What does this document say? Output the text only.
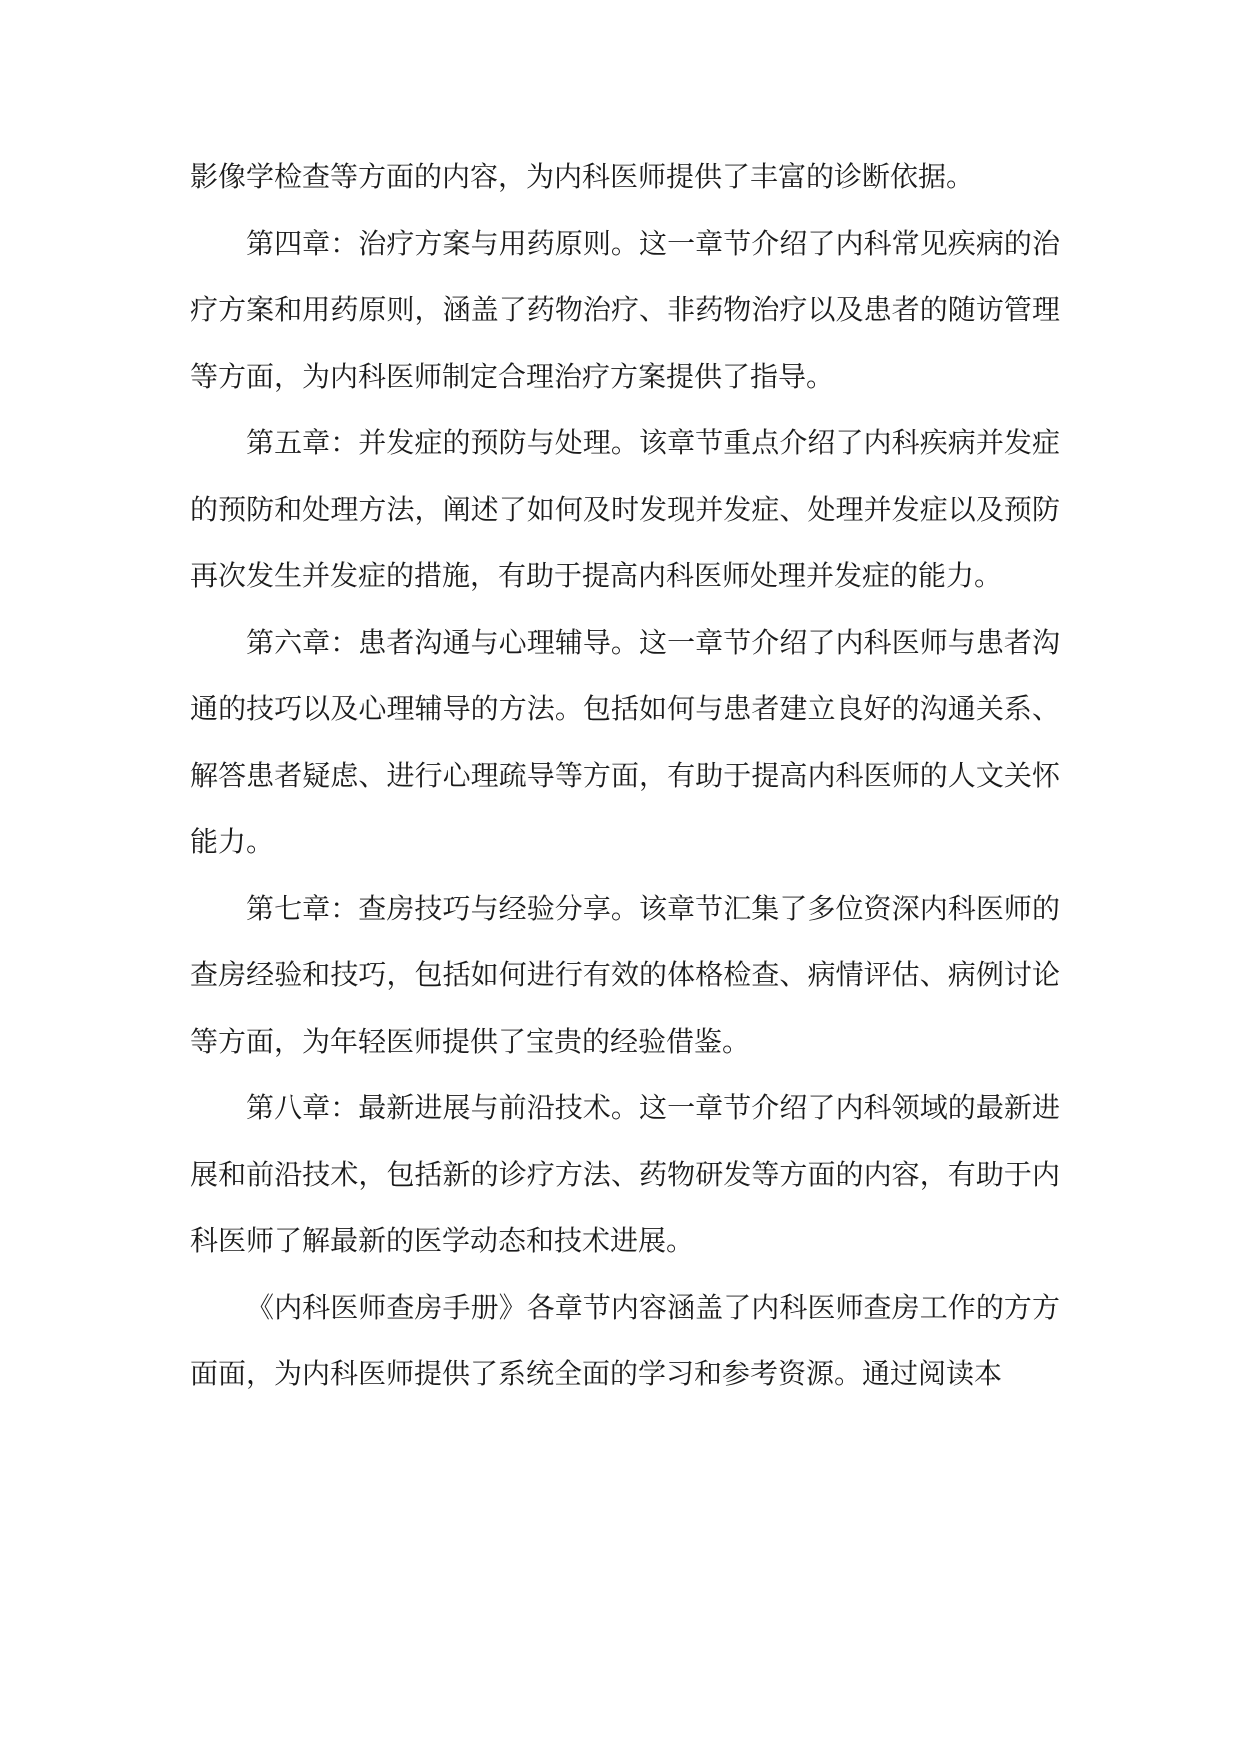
影像学检查等方面的内容，为内科医师提供了丰富的诊断依据。

第四章：治疗方案与用药原则。这一章节介绍了内科常见疾病的治疗方案和用药原则，涵盖了药物治疗、非药物治疗以及患者的随访管理等方面，为内科医师制定合理治疗方案提供了指导。

第五章：并发症的预防与处理。该章节重点介绍了内科疾病并发症的预防和处理方法，阐述了如何及时发现并发症、处理并发症以及预防再次发生并发症的措施，有助于提高内科医师处理并发症的能力。

第六章：患者沟通与心理辅导。这一章节介绍了内科医师与患者沟通的技巧以及心理辅导的方法。包括如何与患者建立良好的沟通关系、解答患者疑虑、进行心理疏导等方面，有助于提高内科医师的人文关怀能力。

第七章：查房技巧与经验分享。该章节汇集了多位资深内科医师的查房经验和技巧，包括如何进行有效的体格检查、病情评估、病例讨论等方面，为年轻医师提供了宝贵的经验借鉴。

第八章：最新进展与前沿技术。这一章节介绍了内科领域的最新进展和前沿技术，包括新的诊疗方法、药物研发等方面的内容，有助于内科医师了解最新的医学动态和技术进展。

《内科医师查房手册》各章节内容涵盖了内科医师查房工作的方方面面，为内科医师提供了系统全面的学习和参考资源。通过阅读本
